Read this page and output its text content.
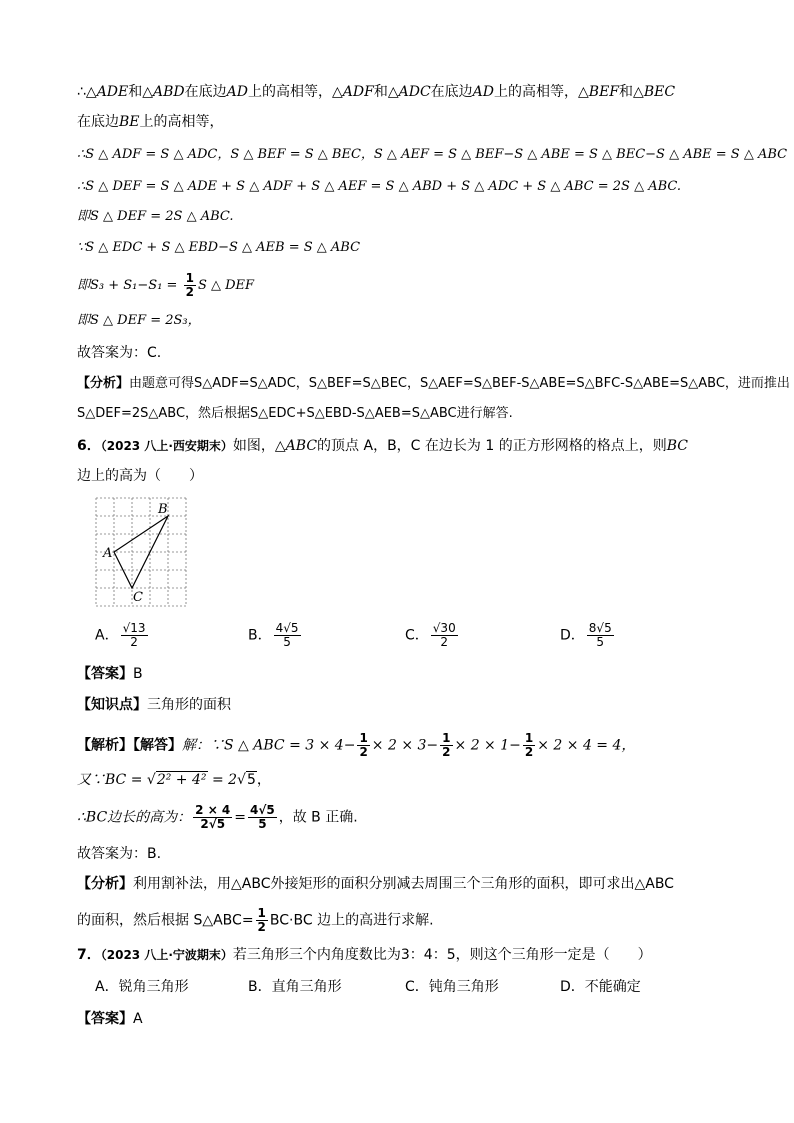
∴△ADE和△ABD在底边AD上的高相等，△ADF和△ADC在底边AD上的高相等，△BEF和△BEC
在底边BE上的高相等，
∴S △ ADF = S △ ADC，S △ BEF = S △ BEC，S △ AEF = S △ BEF−S △ ABE = S △ BEC−S △ ABE = S △ ABC
∴S △ DEF = S △ ADE + S △ ADF + S △ AEF = S △ ABD + S △ ADC + S △ ABC = 2S △ ABC.
即S △ DEF = 2S △ ABC.
∵S △ EDC + S △ EBD−S △ AEB = S △ ABC
即$S_3 + S_1-S_1 = \frac{1}{2}$ S △ DEF
即S △ DEF = 2S₃，
故答案为：C.
【分析】由题意可得S△ADF=S△ADC，S△BEF=S△BEC，S△AEF=S△BEF-S△ABE=S△BFC-S△ABE=S△ABC，进而推出
S△DEF=2S△ABC，然后根据S△EDC+S△EBD-S△AEB=S△ABC进行解答.
6．（2023 八上·西安期末）如图，△ABC的顶点 A，B，C 在边长为 1 的正方形网格的格点上，则BC
边上的高为（　　）
A
B
C
A． $\frac{√13}{2}$	B． $\frac{4√5}{5}$	C． $\frac{√30}{2}$	D． $\frac{8√5}{5}$
【答案】B
【知识点】三角形的面积
【解析】【解答】解：∵S △ ABC = $3 \times 4- \frac{1}{2} \times 2 \times 3- \frac{1}{2} \times 2 \times 1- \frac{1}{2} \times 2 \times 4 = 4$，
又∵BC = √2² + 4² = 2√5，
∴BC边长的高为： $\frac{2 \times 4}{2√5} = \frac{4√5}{5}$ ，故 B 正确.
故答案为：B.
【分析】利用割补法，用△ABC外接矩形的面积分别减去周围三个三角形的面积，即可求出△ABC
的面积，然后根据 S△ABC= $\frac{1}{2} BC\cdot BC$ 边上的高进行求解.
7．（2023 八上·宁波期末）若三角形三个内角度数比为3：4：5，则这个三角形一定是（　　）
A．锐角三角形	B．直角三角形	C．钝角三角形	D．不能确定
【答案】A
